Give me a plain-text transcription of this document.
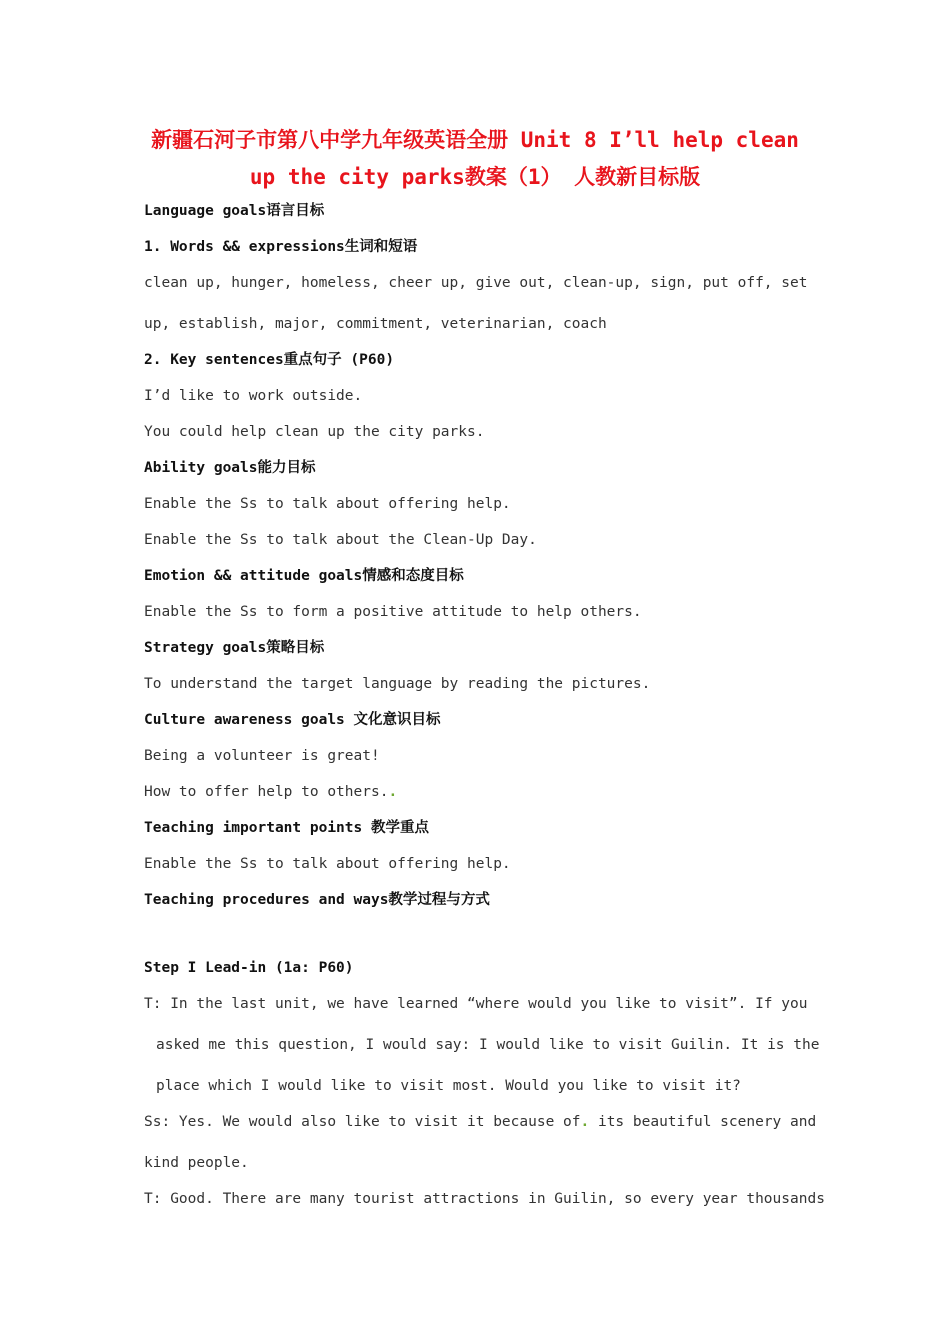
新疆石河子市第八中学九年级英语全册 Unit 8 I’ll help clean
up the city parks教案（1） 人教新目标版
Language goals语言目标
1. Words && expressions生词和短语
clean up, hunger, homeless, cheer up, give out, clean-up, sign, put off, set
up, establish, major, commitment, veterinarian, coach
2. Key sentences重点句子 (P60)
I’d like to work outside.
You could help clean up the city parks.
Ability goals能力目标
Enable the Ss to talk about offering help.
Enable the Ss to talk about the Clean-Up Day.
Emotion && attitude goals情感和态度目标
Enable the Ss to form a positive attitude to help others.
Strategy goals策略目标
To understand the target language by reading the pictures.
Culture awareness goals 文化意识目标
Being a volunteer is great!
How to offer help to others..
Teaching important points 教学重点
Enable the Ss to talk about offering help.
Teaching procedures and ways教学过程与方式
Step I Lead-in (1a: P60)
T: In the last unit, we have learned “where would you like to visit”. If you
asked me this question, I would say: I would like to visit Guilin. It is the
place which I would like to visit most. Would you like to visit it?
Ss: Yes. We would also like to visit it because of. its beautiful scenery and
kind people.
T: Good. There are many tourist attractions in Guilin, so every year thousands
